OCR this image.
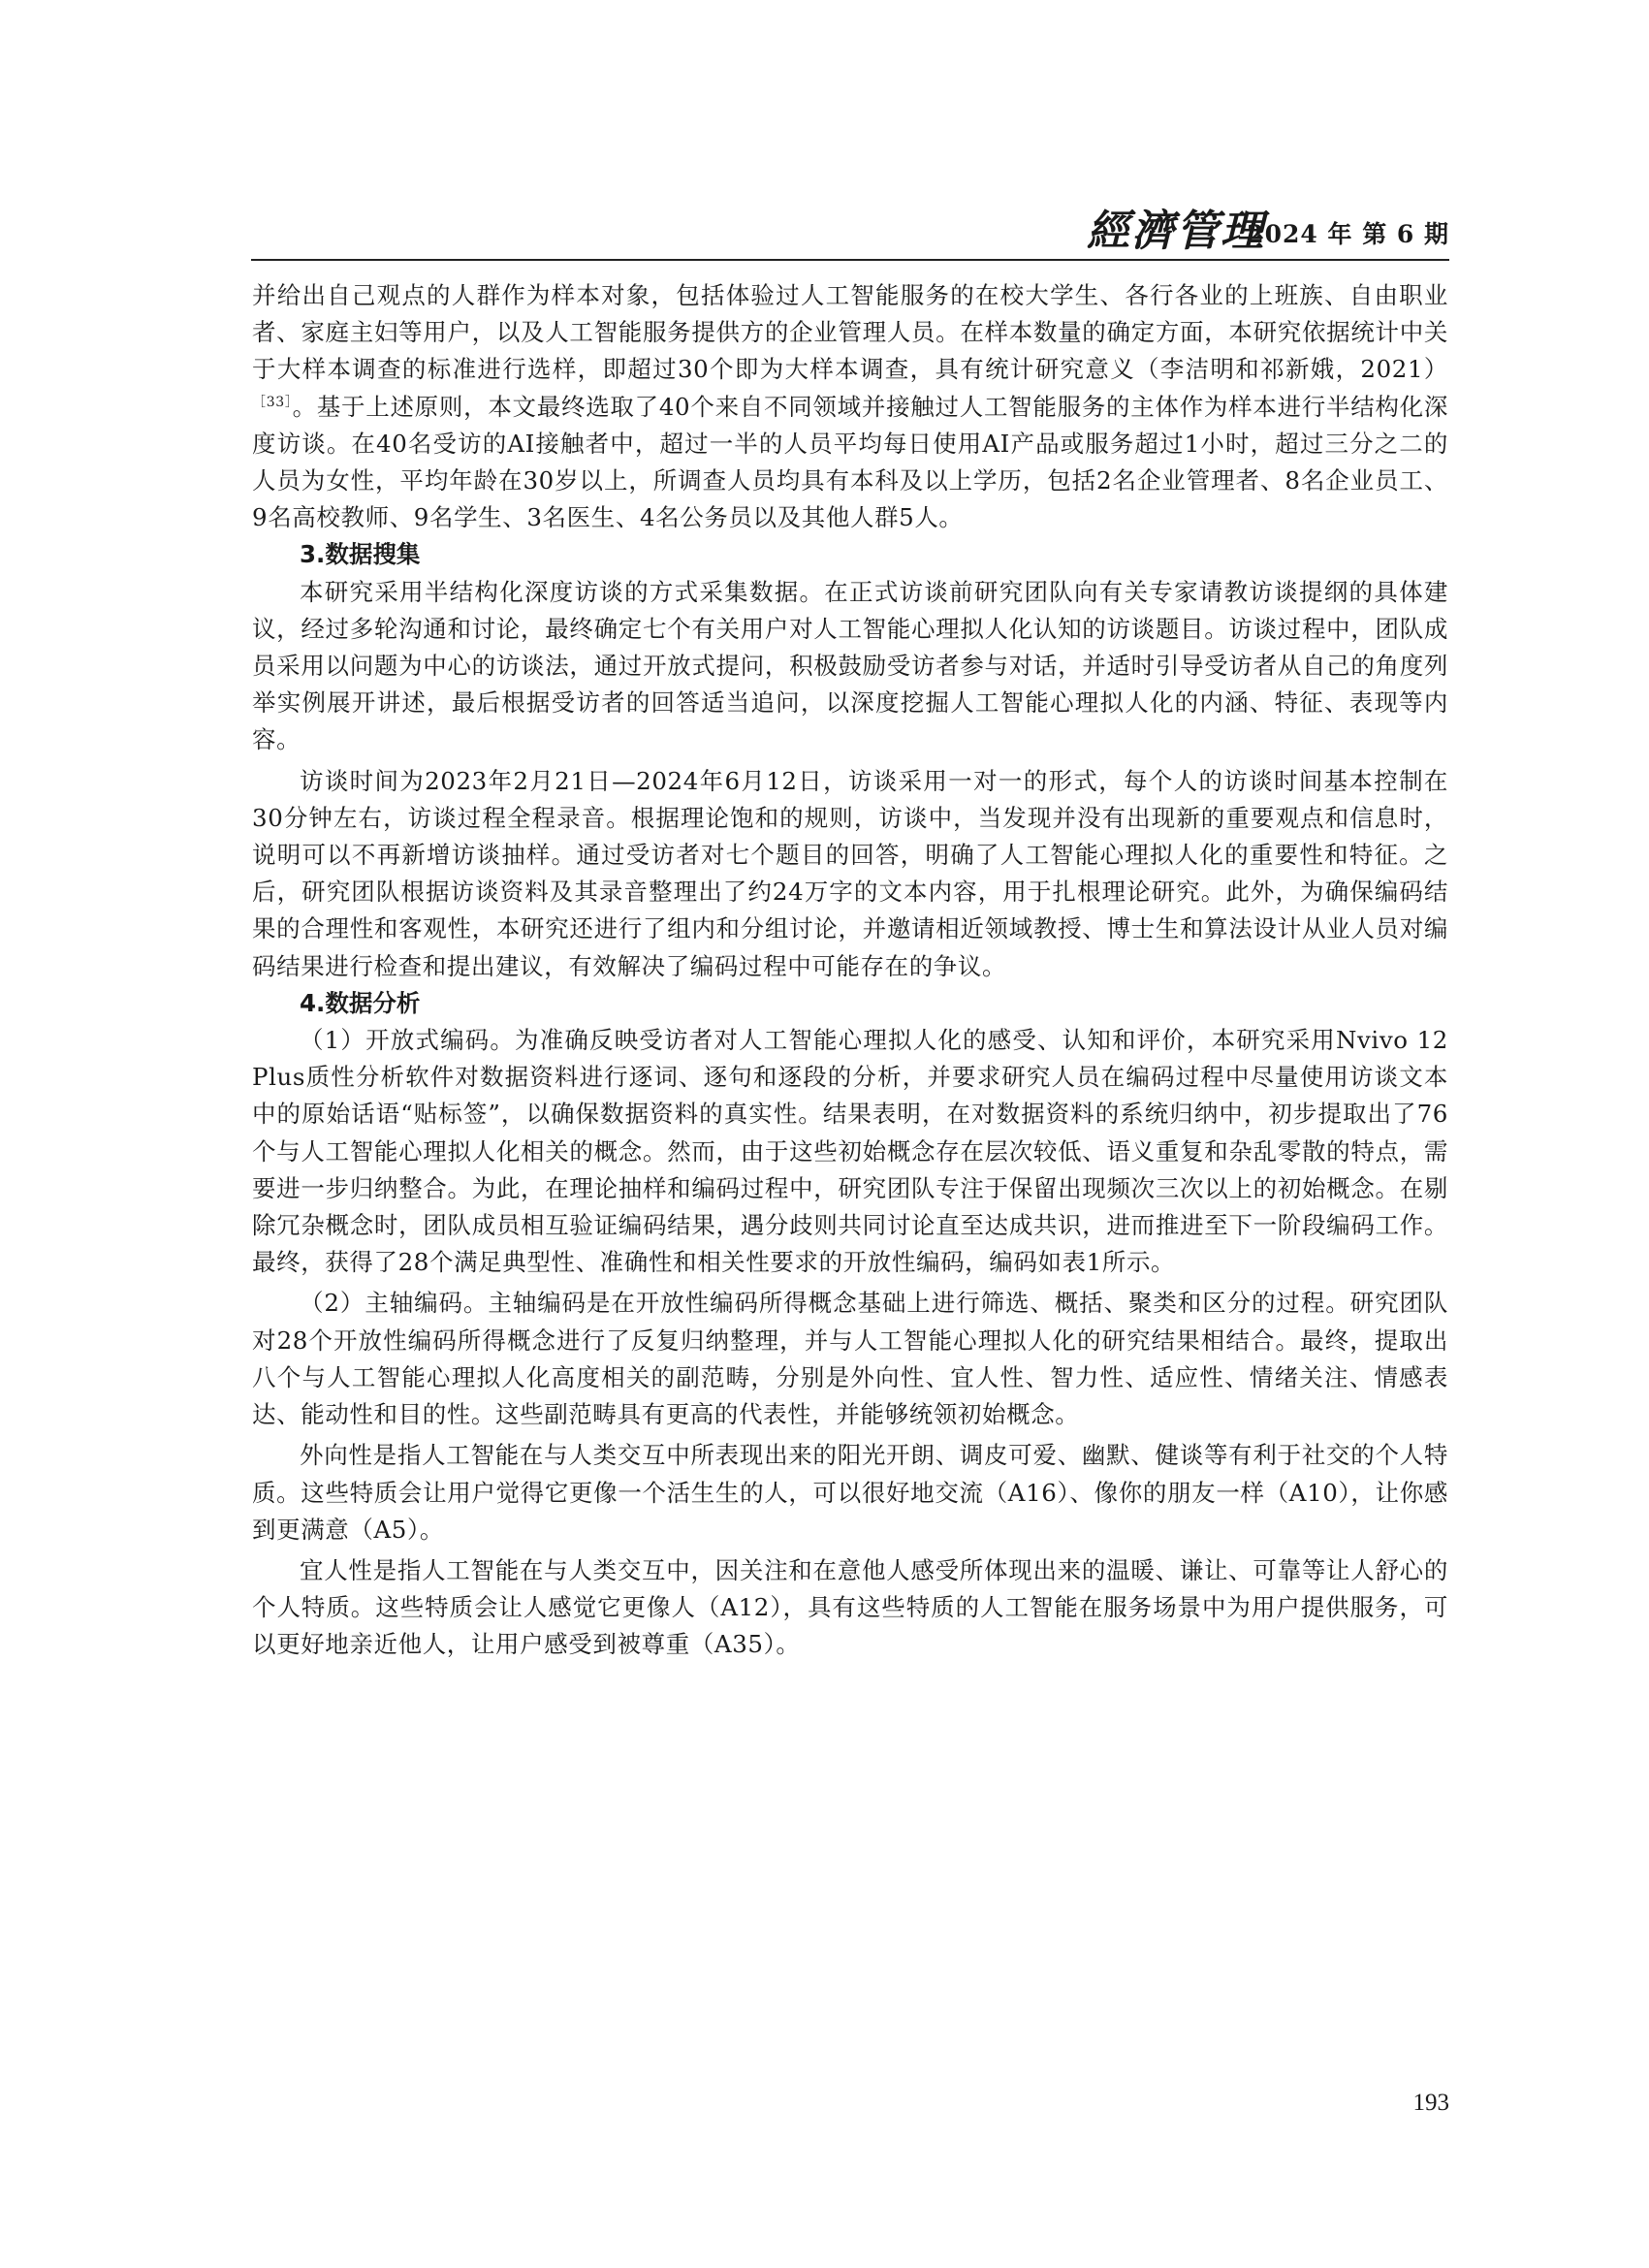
經濟管理
2024 年 第 6 期

并给出自己观点的人群作为样本对象，包括体验过人工智能服务的在校大学生、各行各业的上班族、自由职业者、家庭主妇等用户，以及人工智能服务提供方的企业管理人员。在样本数量的确定方面，本研究依据统计中关于大样本调查的标准进行选样，即超过30个即为大样本调查，具有统计研究意义（李洁明和祁新娥，2021）$^{[33]}$。基于上述原则，本文最终选取了40个来自不同领域并接触过人工智能服务的主体作为样本进行半结构化深度访谈。在40名受访的AI接触者中，超过一半的人员平均每日使用AI产品或服务超过1小时，超过三分之二的人员为女性，平均年龄在30岁以上，所调查人员均具有本科及以上学历，包括2名企业管理者、8名企业员工、9名高校教师、9名学生、3名医生、4名公务员以及其他人群5人。

3.数据搜集

本研究采用半结构化深度访谈的方式采集数据。在正式访谈前研究团队向有关专家请教访谈提纲的具体建议，经过多轮沟通和讨论，最终确定七个有关用户对人工智能心理拟人化认知的访谈题目。访谈过程中，团队成员采用以问题为中心的访谈法，通过开放式提问，积极鼓励受访者参与对话，并适时引导受访者从自己的角度列举实例展开讲述，最后根据受访者的回答适当追问，以深度挖掘人工智能心理拟人化的内涵、特征、表现等内容。

访谈时间为2023年2月21日—2024年6月12日，访谈采用一对一的形式，每个人的访谈时间基本控制在30分钟左右，访谈过程全程录音。根据理论饱和的规则，访谈中，当发现并没有出现新的重要观点和信息时，说明可以不再新增访谈抽样。通过受访者对七个题目的回答，明确了人工智能心理拟人化的重要性和特征。之后，研究团队根据访谈资料及其录音整理出了约24万字的文本内容，用于扎根理论研究。此外，为确保编码结果的合理性和客观性，本研究还进行了组内和分组讨论，并邀请相近领域教授、博士生和算法设计从业人员对编码结果进行检查和提出建议，有效解决了编码过程中可能存在的争议。

4.数据分析

（1）开放式编码。为准确反映受访者对人工智能心理拟人化的感受、认知和评价，本研究采用Nvivo 12 Plus质性分析软件对数据资料进行逐词、逐句和逐段的分析，并要求研究人员在编码过程中尽量使用访谈文本中的原始话语“贴标签”，以确保数据资料的真实性。结果表明，在对数据资料的系统归纳中，初步提取出了76个与人工智能心理拟人化相关的概念。然而，由于这些初始概念存在层次较低、语义重复和杂乱零散的特点，需要进一步归纳整合。为此，在理论抽样和编码过程中，研究团队专注于保留出现频次三次以上的初始概念。在剔除冗杂概念时，团队成员相互验证编码结果，遇分歧则共同讨论直至达成共识，进而推进至下一阶段编码工作。最终，获得了28个满足典型性、准确性和相关性要求的开放性编码，编码如表1所示。

（2）主轴编码。主轴编码是在开放性编码所得概念基础上进行筛选、概括、聚类和区分的过程。研究团队对28个开放性编码所得概念进行了反复归纳整理，并与人工智能心理拟人化的研究结果相结合。最终，提取出八个与人工智能心理拟人化高度相关的副范畴，分别是外向性、宜人性、智力性、适应性、情绪关注、情感表达、能动性和目的性。这些副范畴具有更高的代表性，并能够统领初始概念。

外向性是指人工智能在与人类交互中所表现出来的阳光开朗、调皮可爱、幽默、健谈等有利于社交的个人特质。这些特质会让用户觉得它更像一个活生生的人，可以很好地交流（A16）、像你的朋友一样（A10），让你感到更满意（A5）。

宜人性是指人工智能在与人类交互中，因关注和在意他人感受所体现出来的温暖、谦让、可靠等让人舒心的个人特质。这些特质会让人感觉它更像人（A12），具有这些特质的人工智能在服务场景中为用户提供服务，可以更好地亲近他人，让用户感受到被尊重（A35）。

193
